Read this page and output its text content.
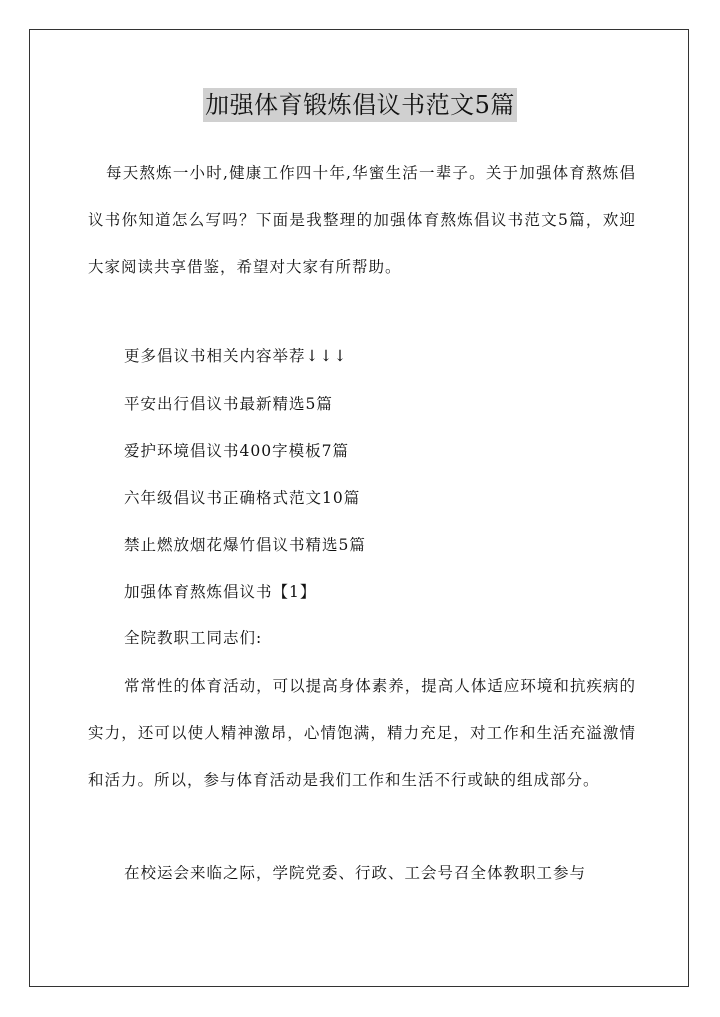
加强体育锻炼倡议书范文5篇

每天熬炼一小时,健康工作四十年,华蜜生活一辈子。关于加强体育熬炼倡议书你知道怎么写吗？下面是我整理的加强体育熬炼倡议书范文5篇，欢迎大家阅读共享借鉴，希望对大家有所帮助。

更多倡议书相关内容举荐↓↓↓

平安出行倡议书最新精选5篇

爱护环境倡议书400字模板7篇

六年级倡议书正确格式范文10篇

禁止燃放烟花爆竹倡议书精选5篇

加强体育熬炼倡议书【1】

全院教职工同志们:

常常性的体育活动，可以提高身体素养，提高人体适应环境和抗疾病的实力，还可以使人精神激昂，心情饱满，精力充足，对工作和生活充溢激情和活力。所以，参与体育活动是我们工作和生活不行或缺的组成部分。

在校运会来临之际，学院党委、行政、工会号召全体教职工参与
